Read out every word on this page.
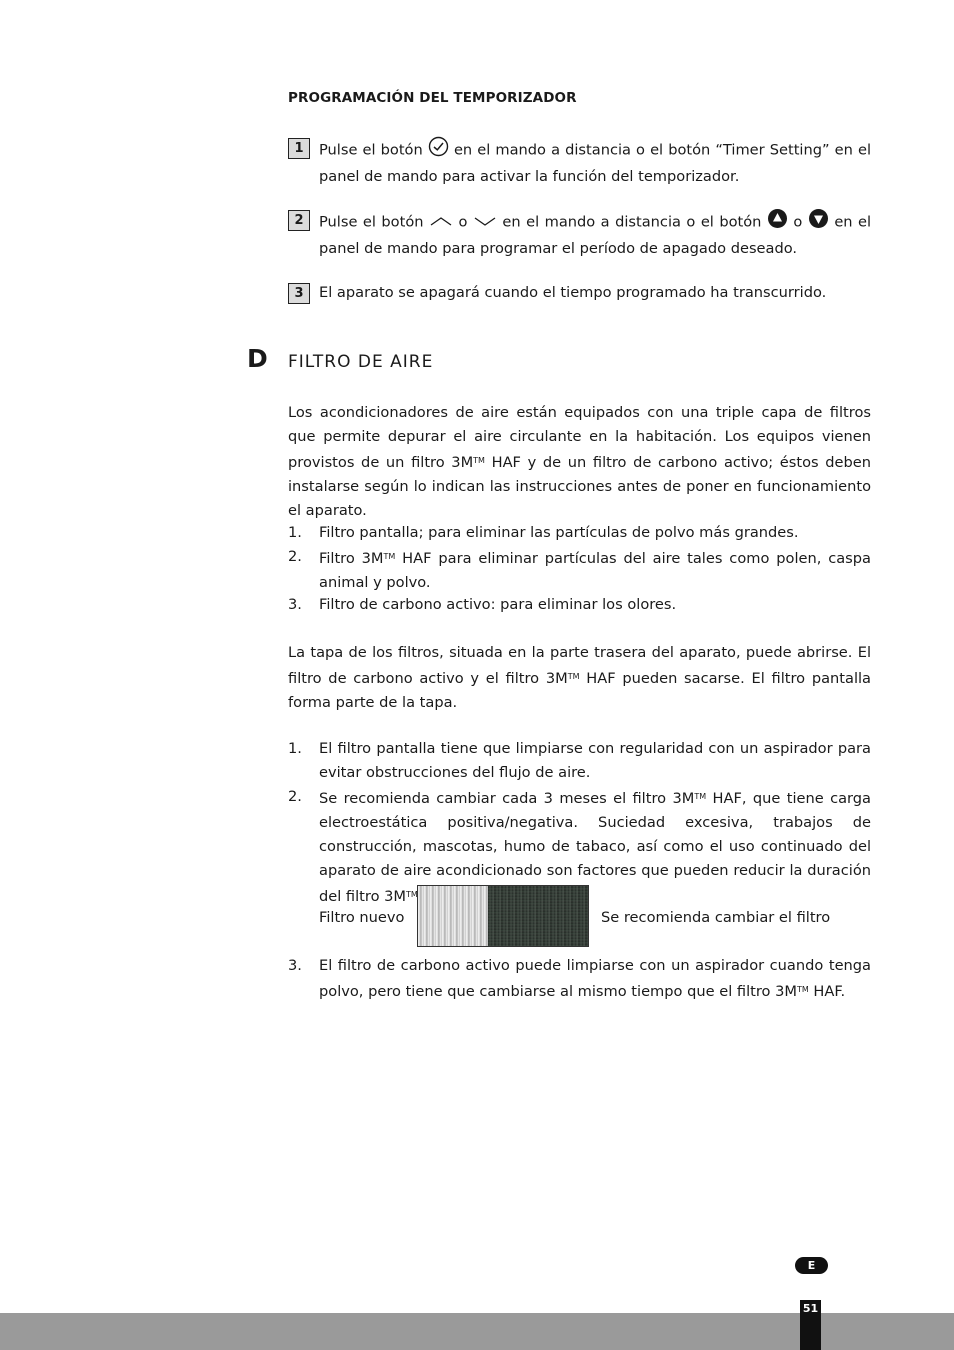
PROGRAMACIÓN DEL TEMPORIZADOR
1	Pulse el botón en el mando a distancia o el botón “Timer Setting” en el panel de mando para activar la función del temporizador.

2	Pulse el botón o en el mando a distancia o el botón o en el panel de mando para programar el período de apagado deseado.

3	El aparato se apagará cuando el tiempo programado ha transcurrido.

D FILTRO DE AIRE

Los acondicionadores de aire están equipados con una triple capa de filtros que permite depurar el aire circulante en la habitación. Los equipos vienen provistos de un filtro 3M™ HAF y de un filtro de carbono activo; éstos deben instalarse según lo indican las instrucciones antes de poner en funcionamiento el aparato.

1. Filtro pantalla; para eliminar las partículas de polvo más grandes.
2. Filtro 3M™ HAF para eliminar partículas del aire tales como polen, caspa animal y polvo.
3. Filtro de carbono activo: para eliminar los olores.

La tapa de los filtros, situada en la parte trasera del aparato, puede abrirse. El filtro de carbono activo y el filtro 3M™ HAF pueden sacarse. El filtro pantalla forma parte de la tapa.

1. El filtro pantalla tiene que limpiarse con regularidad con un aspirador para evitar obstrucciones del flujo de aire.
2. Se recomienda cambiar cada 3 meses el filtro 3M™ HAF, que tiene carga electroestática positiva/negativa. Suciedad excesiva, trabajos de construcción, mascotas, humo de tabaco, así como el uso continuado del aparato de aire acondicionado son factores que pueden reducir la duración del filtro 3M™
Filtro nuevo	Se recomienda cambiar el filtro
3. El filtro de carbono activo puede limpiarse con un aspirador cuando tenga polvo, pero tiene que cambiarse al mismo tiempo que el filtro 3M™ HAF.
E
51
